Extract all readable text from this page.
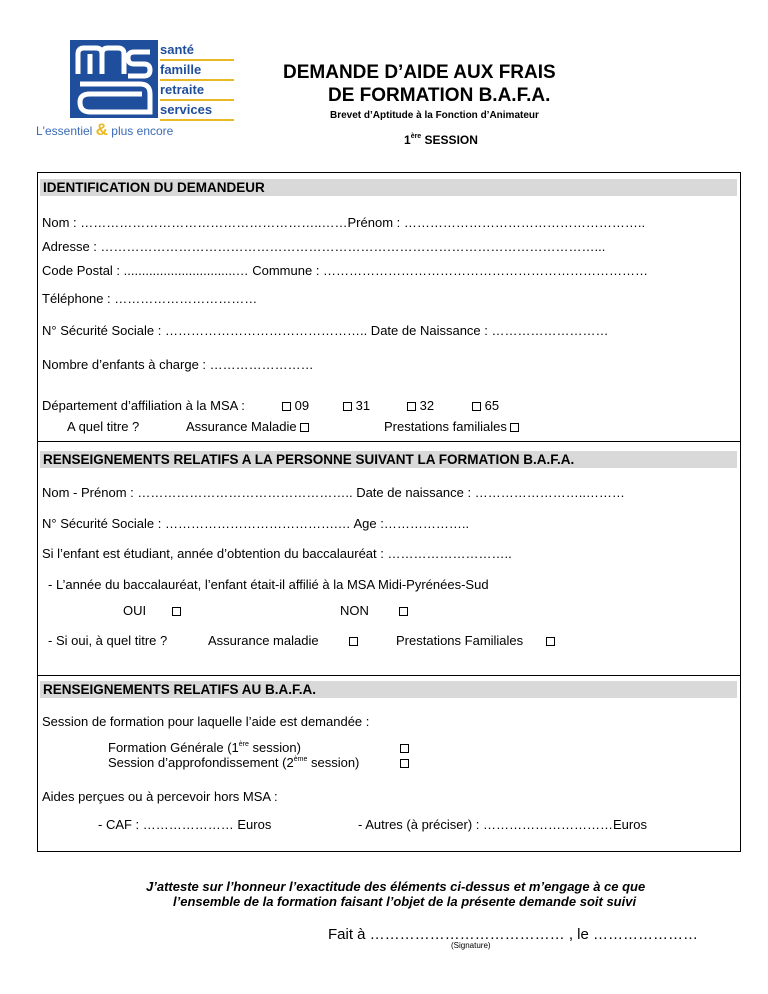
santé
famille
retraite
services
L'essentiel & plus encore
DEMANDE D’AIDE AUX FRAIS
DE FORMATION B.A.F.A.
Brevet d’Aptitude à la Fonction d’Animateur
1ère SESSION
IDENTIFICATION DU DEMANDEUR
Nom : ………………………………………………..……Prénom : ………………………………………………..
Adresse : ……………………………………………………………………………………………………...
Code Postal : ...............................… Commune : …………………………………………………………………
Téléphone : ……………………………
N° Sécurité Sociale : ……………………………………….. Date de Naissance : ………………………
Nombre d’enfants à charge : ……………………
Département d’affiliation à la MSA :	09	31	32	65
A quel titre ?	Assurance Maladie	Prestations familiales
RENSEIGNEMENTS RELATIFS A LA PERSONNE SUIVANT LA FORMATION B.A.F.A.
Nom - Prénom : ………………………………………….. Date de naissance : ……………………..………
N° Sécurité Sociale : ………………………………….… Age :………………..
Si l’enfant est étudiant, année d’obtention du baccalauréat : ………………………..
- L’année du baccalauréat, l’enfant était-il affilié à la MSA Midi-Pyrénées-Sud
OUI	NON
- Si oui, à quel titre ?	Assurance maladie	Prestations Familiales
RENSEIGNEMENTS RELATIFS AU B.A.F.A.
Session de formation pour laquelle l’aide est demandée :
Formation Générale (1ère session)
Session d’approfondissement (2ème session)
Aides perçues ou à percevoir hors MSA :
- CAF : ………………… Euros	- Autres (à préciser) : …………………………Euros
J’atteste sur l’honneur l’exactitude des éléments ci-dessus et m’engage à ce que
l’ensemble de la formation faisant l’objet de la présente demande soit suivi
Fait à ………………………………… , le …………………
(Signature)
